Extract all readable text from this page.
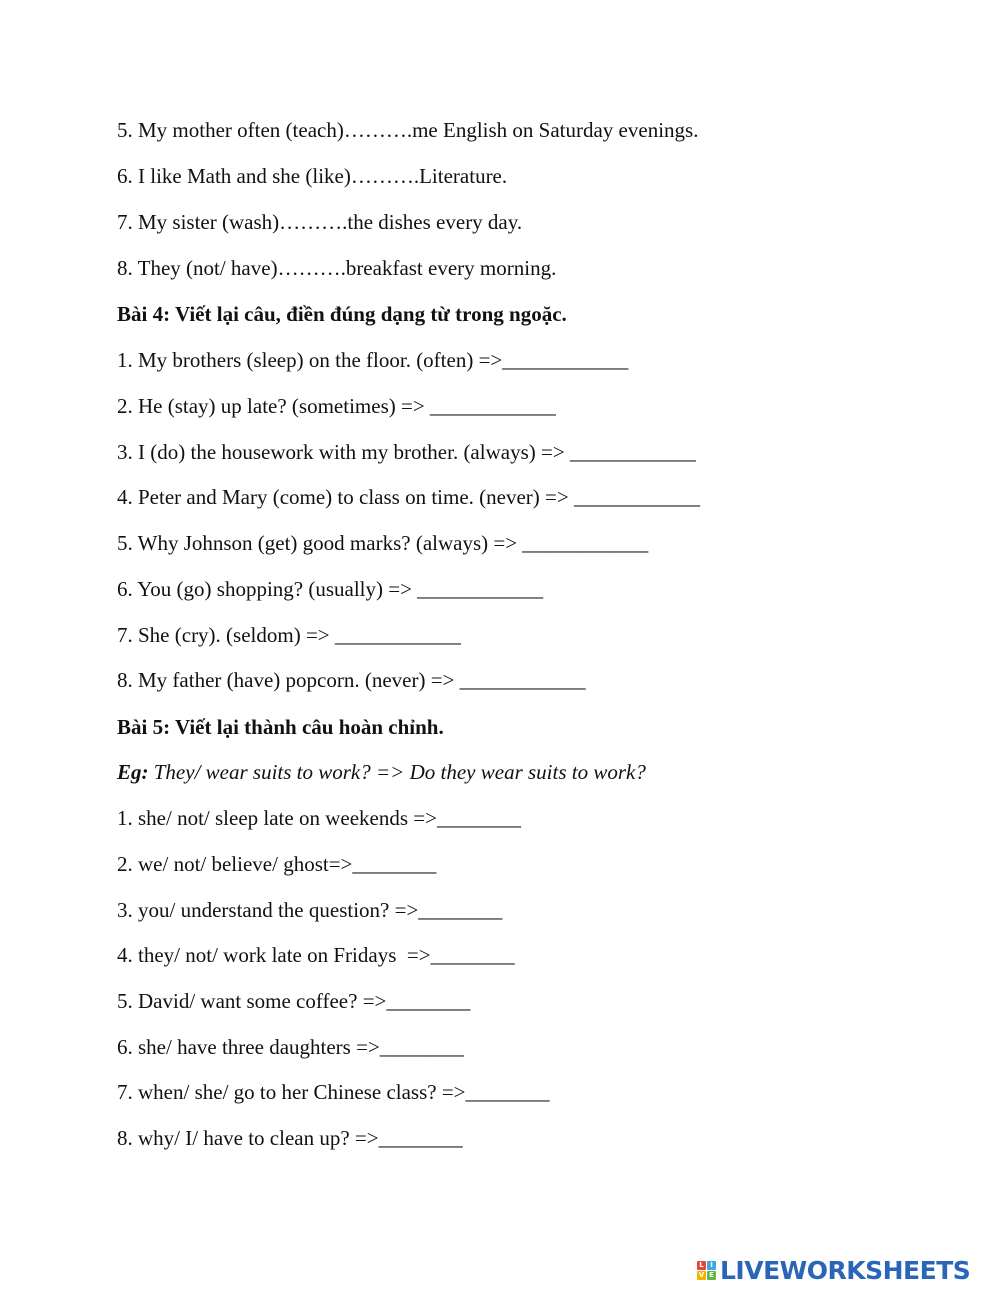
5. My mother often (teach)……….me English on Saturday evenings.
6. I like Math and she (like)……….Literature.
7. My sister (wash)……….the dishes every day.
8. They (not/ have)……….breakfast every morning.
Bài 4: Viết lại câu, điền đúng dạng từ trong ngoặc.
1. My brothers (sleep) on the floor. (often) =>____________
2. He (stay) up late? (sometimes) => ____________
3. I (do) the housework with my brother. (always) => ____________
4. Peter and Mary (come) to class on time. (never) => ____________
5. Why Johnson (get) good marks? (always) => ____________
6. You (go) shopping? (usually) => ____________
7. She (cry). (seldom) => ____________
8. My father (have) popcorn. (never) => ____________
Bài 5: Viết lại thành câu hoàn chỉnh.
Eg: They/ wear suits to work? => Do they wear suits to work?
1. she/ not/ sleep late on weekends =>________
2. we/ not/ believe/ ghost=>________
3. you/ understand the question? =>________
4. they/ not/ work late on Fridays  =>________
5. David/ want some coffee? =>________
6. she/ have three daughters =>________
7. when/ she/ go to her Chinese class? =>________
8. why/ I/ have to clean up? =>________
L I
V E LIVEWORKSHEETS
